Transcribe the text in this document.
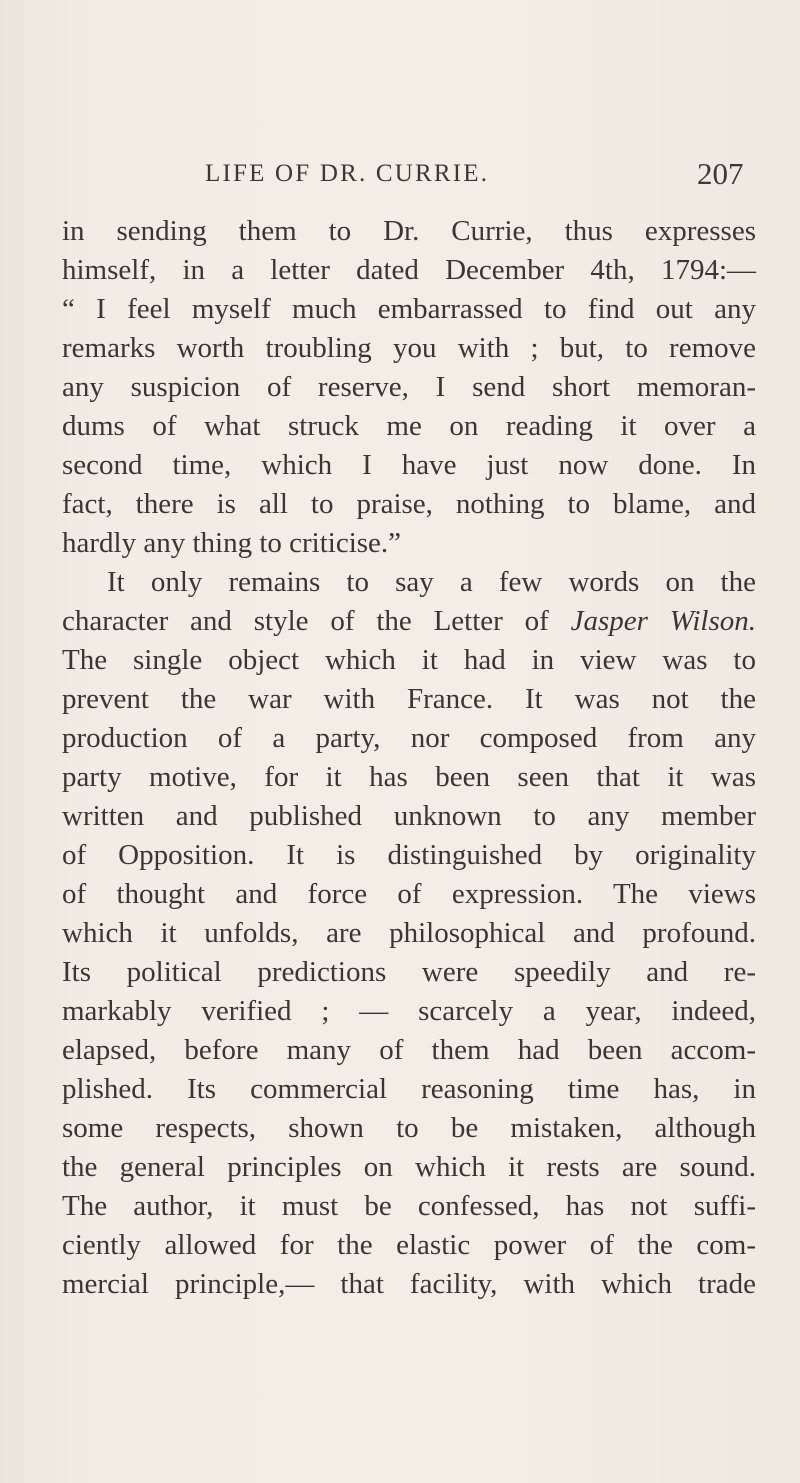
LIFE OF DR. CURRIE.	207
in sending them to Dr. Currie, thus expresses
himself, in a letter dated December 4th, 1794:—
“ I feel myself much embarrassed to find out any
remarks worth troubling you with ; but, to remove
any suspicion of reserve, I send short memoran-
dums of what struck me on reading it over a
second time, which I have just now done. In
fact, there is all to praise, nothing to blame, and
hardly any thing to criticise.”
It only remains to say a few words on the
character and style of the Letter of Jasper Wilson.
The single object which it had in view was to
prevent the war with France. It was not the
production of a party, nor composed from any
party motive, for it has been seen that it was
written and published unknown to any member
of Opposition. It is distinguished by originality
of thought and force of expression. The views
which it unfolds, are philosophical and profound.
Its political predictions were speedily and re-
markably verified ; — scarcely a year, indeed,
elapsed, before many of them had been accom-
plished. Its commercial reasoning time has, in
some respects, shown to be mistaken, although
the general principles on which it rests are sound.
The author, it must be confessed, has not suffi-
ciently allowed for the elastic power of the com-
mercial principle,— that facility, with which trade
